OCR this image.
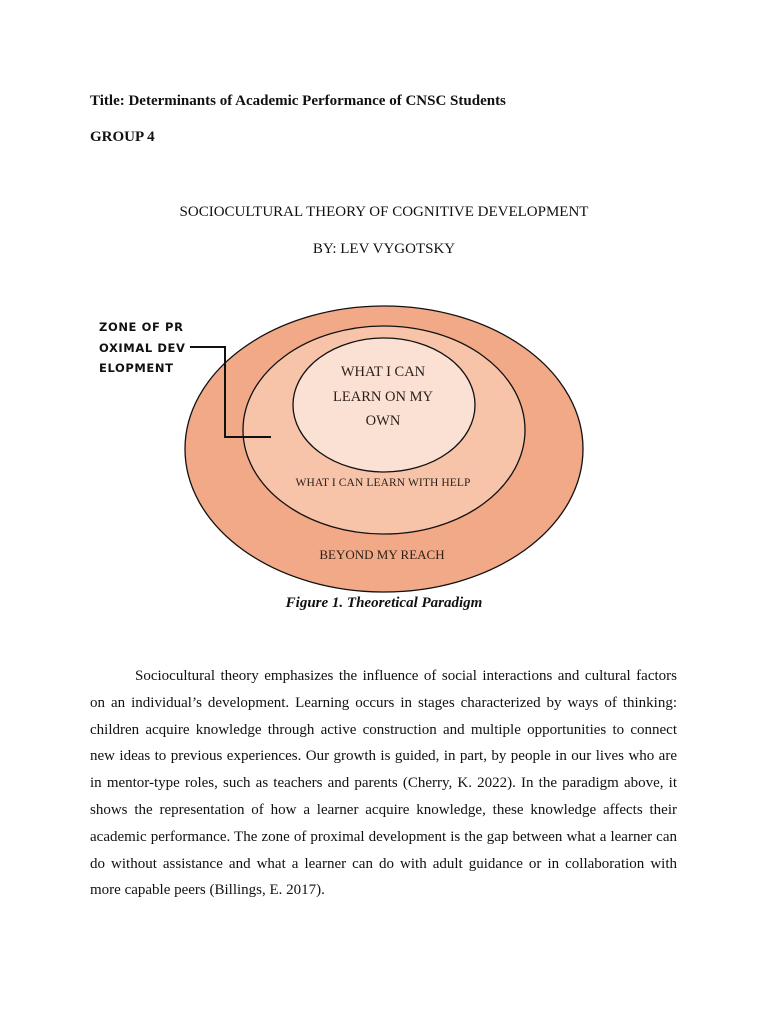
Title: Determinants of Academic Performance of CNSC Students
GROUP 4
SOCIOCULTURAL THEORY OF COGNITIVE DEVELOPMENT
BY: LEV VYGOTSKY
ZONE OF PROXIMAL DEVELOPMENT	WHAT I CAN LEARN ON MY OWN
WHAT I CAN LEARN WITH HELP
BEYOND MY REACH
Figure 1. Theoretical Paradigm
Sociocultural theory emphasizes the influence of social interactions and cultural factors on an individual’s development. Learning occurs in stages characterized by ways of thinking: children acquire knowledge through active construction and multiple opportunities to connect new ideas to previous experiences. Our growth is guided, in part, by people in our lives who are in mentor-type roles, such as teachers and parents (Cherry, K. 2022). In the paradigm above, it shows the representation of how a learner acquire knowledge, these knowledge affects their academic performance. The zone of proximal development is the gap between what a learner can do without assistance and what a learner can do with adult guidance or in collaboration with more capable peers (Billings, E. 2017).
